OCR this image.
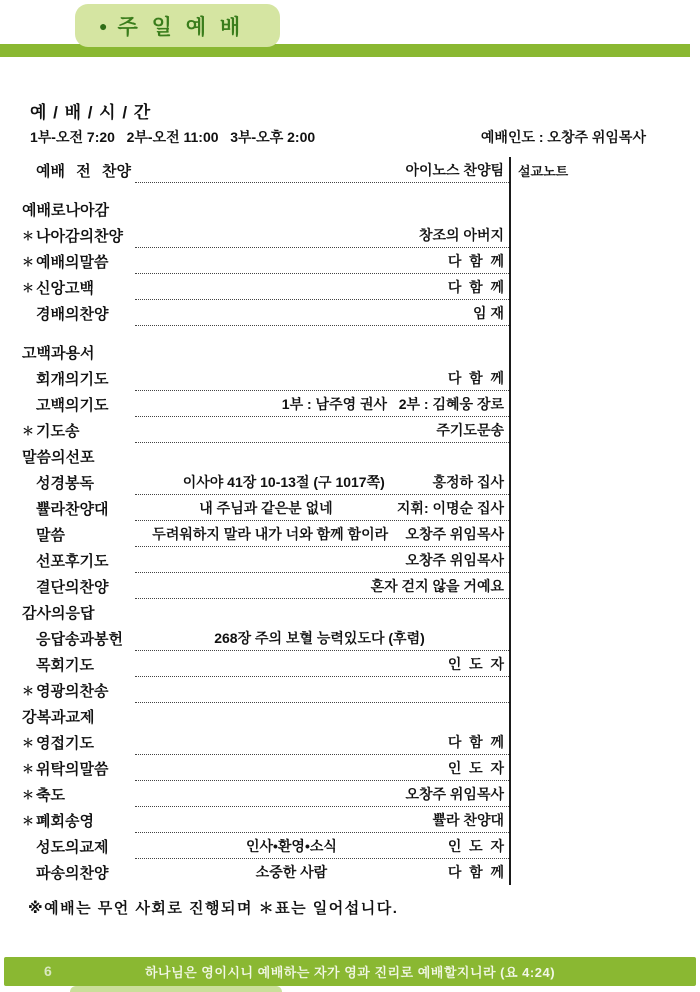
● 주 일 예 배
예 / 배 / 시 / 간
1부-오전 7:20   2부-오전 11:00   3부-오후 2:00	예배인도 : 오창주 위임목사
예배 전 찬양	아이노스 찬양팀
예배로나아감
＊ 나아감의찬양	창조의 아버지
＊ 예배의말씀	다  함  께
＊ 신앙고백	다  함  께
경배의찬양	임 재
고백과용서
회개의기도	다  함  께
고백의기도	1부 : 남주영 권사   2부 : 김혜웅 장로
＊ 기도송	주기도문송
말씀의선포
성경봉독	이사야 41장 10-13절 (구 1017쪽)	홍정하 집사
쁄라찬양대	내 주님과 같은분 없네	지휘: 이명순 집사
말씀	두려워하지 말라 내가 너와 함께 함이라	오창주 위임목사
선포후기도	오창주 위임목사
결단의찬양	혼자 걷지 않을 거예요
감사의응답
응답송과봉헌	268장 주의 보혈 능력있도다 (후렴)
목회기도	인  도  자
＊ 영광의찬송
강복과교제
＊ 영접기도	다  함  께
＊ 위탁의말씀	인  도  자
＊ 축도	오창주 위임목사
＊ 폐회송영	쁄라 찬양대
성도의교제	인사•환영•소식	인  도  자
파송의찬양	소중한 사람	다  함  께
설교노트
※예배는 무언 사회로 진행되며 ＊표는 일어섭니다.
6	하나님은 영이시니 예배하는 자가 영과 진리로 예배할지니라 (요 4:24)
